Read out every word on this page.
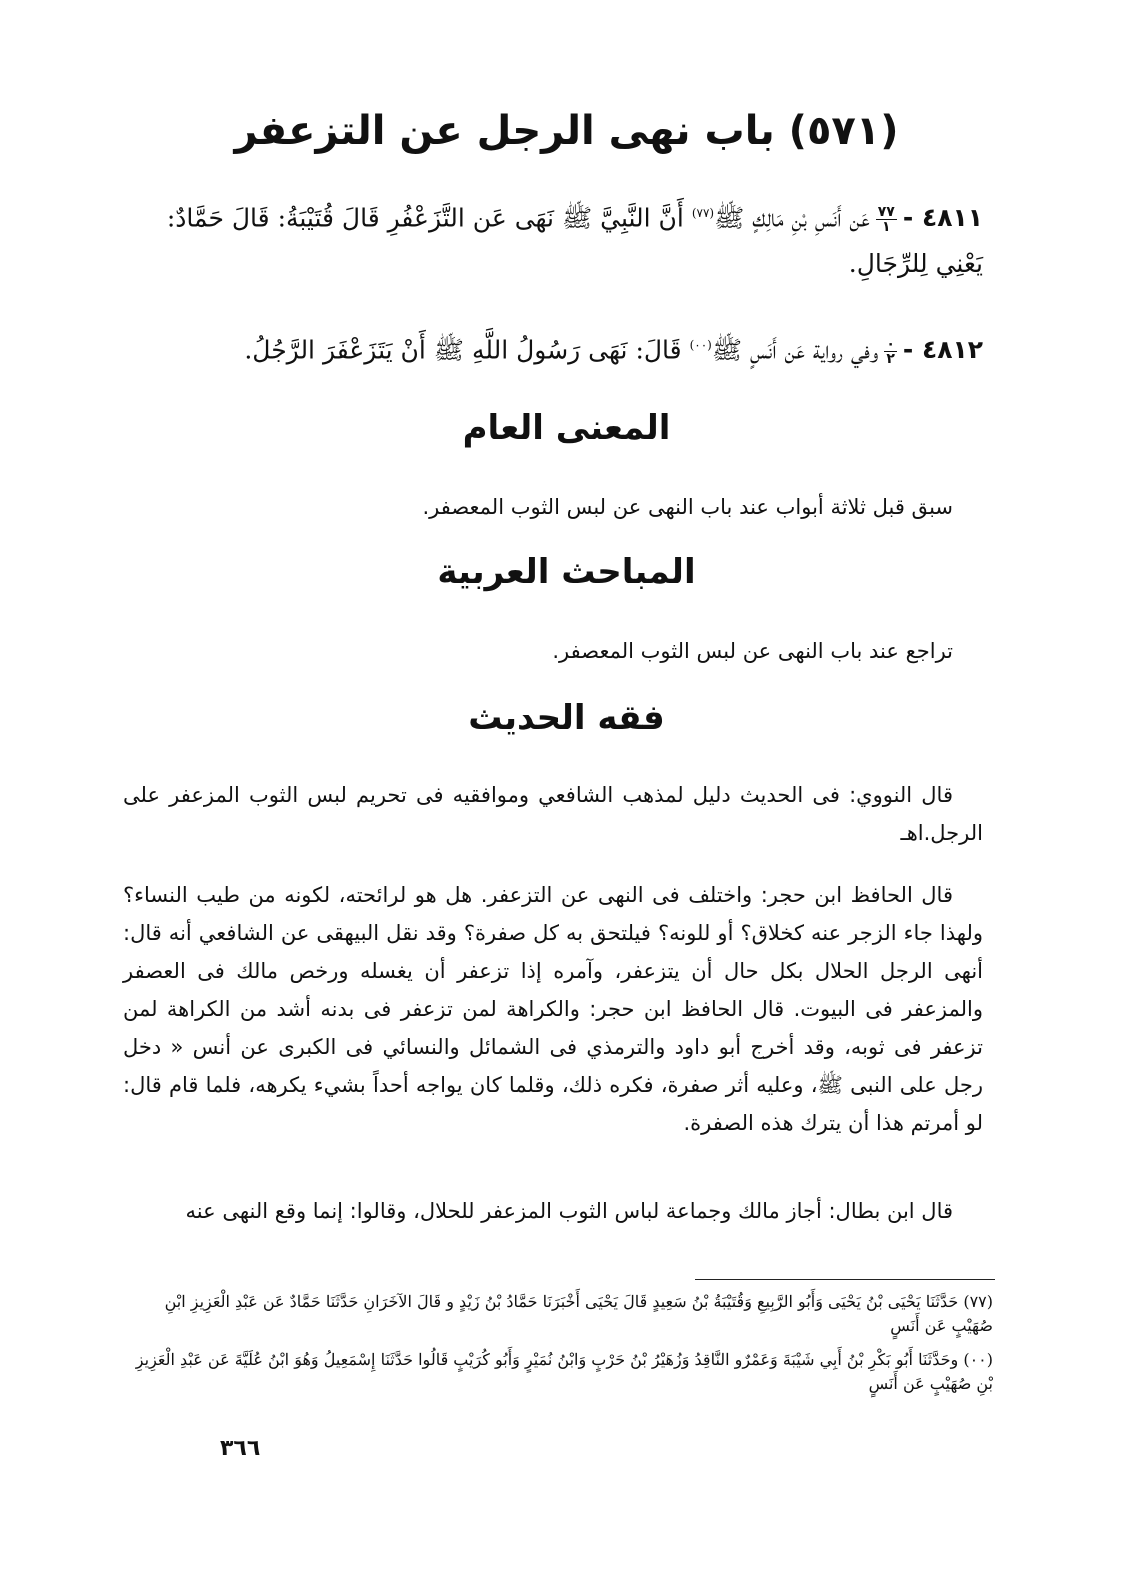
(٥٧١) باب نهى الرجل عن التزعفر
٤٨١١ -
$\frac{٧٧}{١}$
عَن أَنَسِ بْنِ مَالِكٍ ﷺ$^{(٧٧)}$ أَنَّ النَّبِيَّ ﷺ نَهَى عَن التَّزَعْفُرِ قَالَ قُتَيْبَةُ: قَالَ حَمَّادٌ: يَعْنِي لِلرِّجَالِ.
٤٨١٢ -
$\frac{٠}{٢}$
وفي رواية عَن أَنَسٍ ﷺ$^{(٠٠)}$ قَالَ: نَهَى رَسُولُ اللَّهِ ﷺ أَنْ يَتَزَعْفَرَ الرَّجُلُ.
المعنى العام
سبق قبل ثلاثة أبواب عند باب النهى عن لبس الثوب المعصفر.
المباحث العربية
تراجع عند باب النهى عن لبس الثوب المعصفر.
فقه الحديث
قال النووي: فى الحديث دليل لمذهب الشافعي وموافقيه فى تحريم لبس الثوب المزعفر على الرجل.اهـ
قال الحافظ ابن حجر: واختلف فى النهى عن التزعفر. هل هو لرائحته، لكونه من طيب النساء؟ ولهذا جاء الزجر عنه كخلاق؟ أو للونه؟ فيلتحق به كل صفرة؟ وقد نقل البيهقى عن الشافعي أنه قال: أنهى الرجل الحلال بكل حال أن يتزعفر، وآمره إذا تزعفر أن يغسله ورخص مالك فى العصفر والمزعفر فى البيوت. قال الحافظ ابن حجر: والكراهة لمن تزعفر فى بدنه أشد من الكراهة لمن تزعفر فى ثوبه، وقد أخرج أبو داود والترمذي فى الشمائل والنسائي فى الكبرى عن أنس « دخل رجل على النبى ﷺ، وعليه أثر صفرة، فكره ذلك، وقلما كان يواجه أحداً بشيء يكرهه، فلما قام قال: لو أمرتم هذا أن يترك هذه الصفرة.
قال ابن بطال: أجاز مالك وجماعة لباس الثوب المزعفر للحلال، وقالوا: إنما وقع النهى عنه
(٧٧) حَدَّثَنَا يَحْيَى بْنُ يَحْيَى وَأَبُو الرَّبِيعِ وَقُتَيْبَةُ بْنُ سَعِيدٍ قَالَ يَحْيَى أَخْبَرَنَا حَمَّادُ بْنُ زَيْدٍ و قَالَ الآخَرَانِ حَدَّثَنَا حَمَّادٌ عَن عَبْدِ الْعَزِيزِ ابْنِ صُهَيْبٍ عَن أَنَسٍ
(٠٠) وحَدَّثَنَا أَبُو بَكْرِ بْنُ أَبِي شَيْبَةَ وَعَمْرٌو النَّاقِدُ وَزُهَيْرُ بْنُ حَرْبٍ وَابْنُ نُمَيْرٍ وَأَبُو كُرَيْبٍ قَالُوا حَدَّثَنَا إِسْمَعِيلُ وَهُوَ ابْنُ عُلَيَّةَ عَن عَبْدِ الْعَزِيزِ بْنِ صُهَيْبٍ عَن أَنَسٍ
٣٦٦
